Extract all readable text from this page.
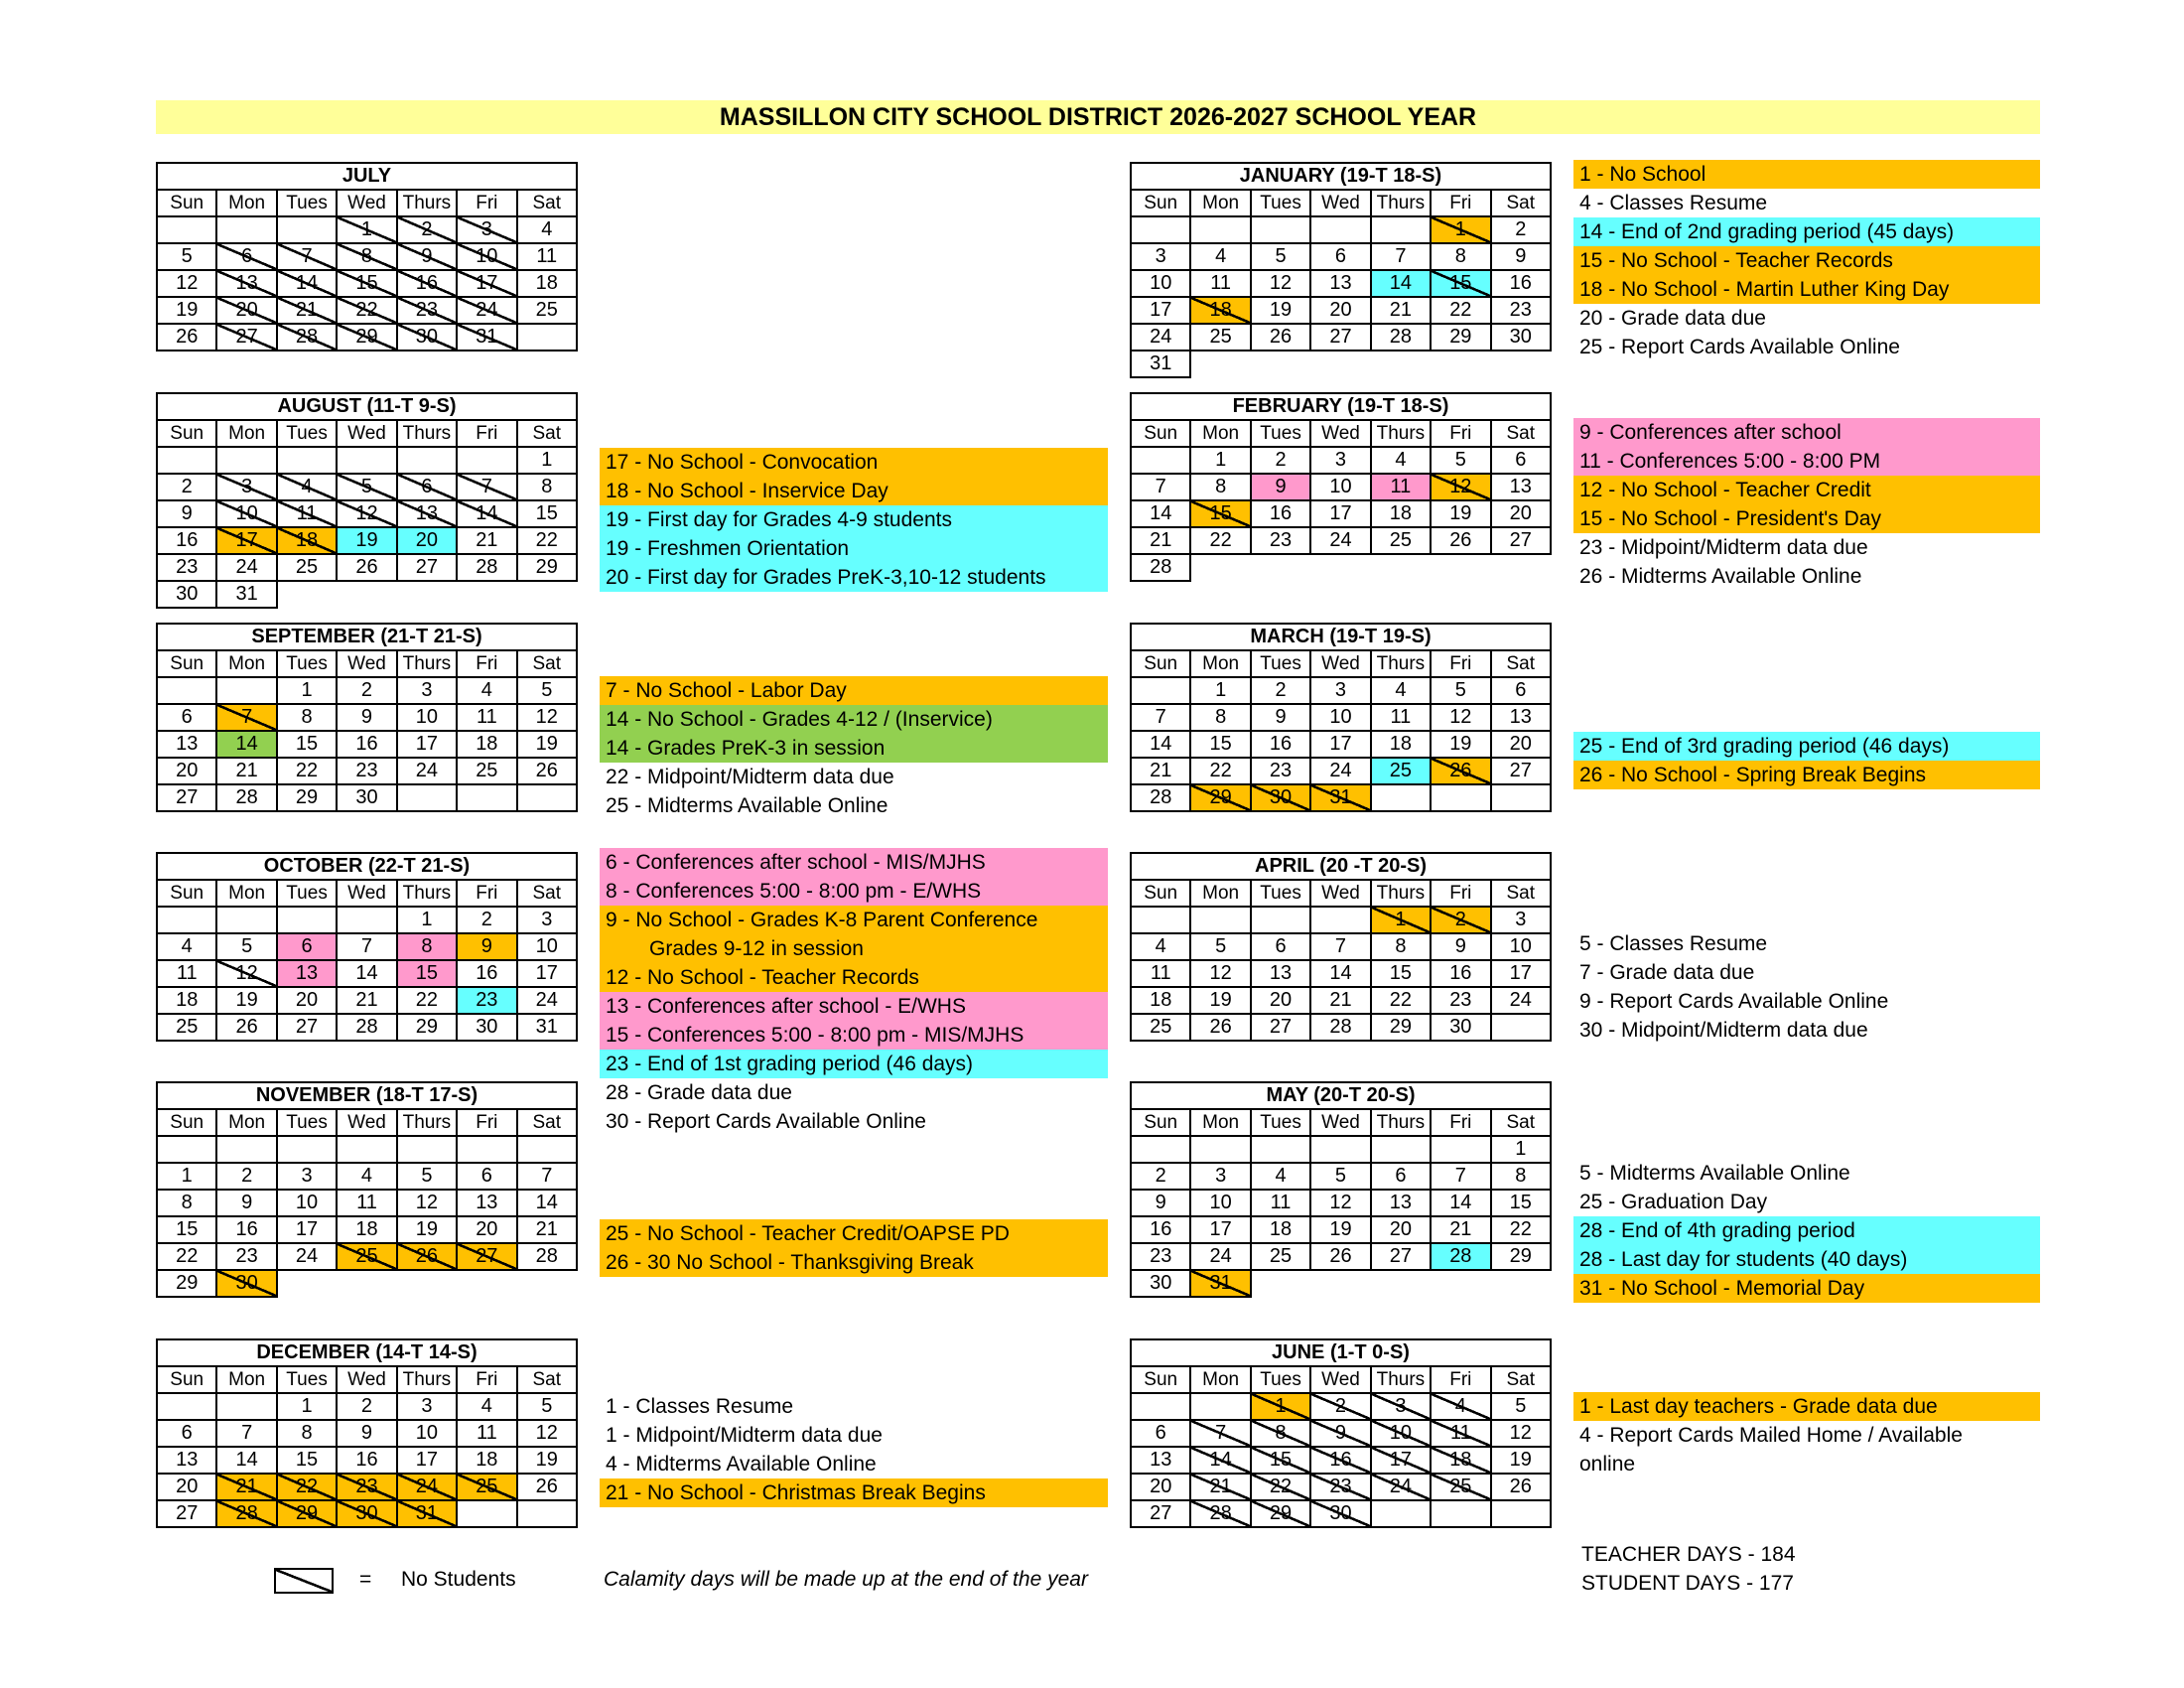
MASSILLON CITY SCHOOL DISTRICT 2026-2027 SCHOOL YEAR
JULY						
Sun	Mon	Tues	Wed	Thurs	Fri	Sat
			1	2	3	4
5	6	7	8	9	10	11
12	13	14	15	16	17	18
19	20	21	22	23	24	25
26	27	28	29	30	31	
AUGUST (11-T 9-S)						
Sun	Mon	Tues	Wed	Thurs	Fri	Sat
						1
2	3	4	5	6	7	8
9	10	11	12	13	14	15
16	17	18	19	20	21	22
23	24	25	26	27	28	29
30	31					
SEPTEMBER (21-T 21-S)						
Sun	Mon	Tues	Wed	Thurs	Fri	Sat
		1	2	3	4	5
6	7	8	9	10	11	12
13	14	15	16	17	18	19
20	21	22	23	24	25	26
27	28	29	30			
OCTOBER (22-T 21-S)						
Sun	Mon	Tues	Wed	Thurs	Fri	Sat
				1	2	3
4	5	6	7	8	9	10
11	12	13	14	15	16	17
18	19	20	21	22	23	24
25	26	27	28	29	30	31
NOVEMBER (18-T 17-S)						
Sun	Mon	Tues	Wed	Thurs	Fri	Sat

1	2	3	4	5	6	7
8	9	10	11	12	13	14
15	16	17	18	19	20	21
22	23	24	25	26	27	28
29	30					
DECEMBER (14-T 14-S)						
Sun	Mon	Tues	Wed	Thurs	Fri	Sat
		1	2	3	4	5
6	7	8	9	10	11	12
13	14	15	16	17	18	19
20	21	22	23	24	25	26
27	28	29	30	31		
JANUARY (19-T 18-S)						
Sun	Mon	Tues	Wed	Thurs	Fri	Sat
					1	2
3	4	5	6	7	8	9
10	11	12	13	14	15	16
17	18	19	20	21	22	23
24	25	26	27	28	29	30
31						
FEBRUARY (19-T 18-S)						
Sun	Mon	Tues	Wed	Thurs	Fri	Sat
	1	2	3	4	5	6
7	8	9	10	11	12	13
14	15	16	17	18	19	20
21	22	23	24	25	26	27
28						
MARCH (19-T 19-S)						
Sun	Mon	Tues	Wed	Thurs	Fri	Sat
	1	2	3	4	5	6
7	8	9	10	11	12	13
14	15	16	17	18	19	20
21	22	23	24	25	26	27
28	29	30	31			
APRIL (20 -T 20-S)						
Sun	Mon	Tues	Wed	Thurs	Fri	Sat
				1	2	3
4	5	6	7	8	9	10
11	12	13	14	15	16	17
18	19	20	21	22	23	24
25	26	27	28	29	30	
MAY (20-T 20-S)						
Sun	Mon	Tues	Wed	Thurs	Fri	Sat
						1
2	3	4	5	6	7	8
9	10	11	12	13	14	15
16	17	18	19	20	21	22
23	24	25	26	27	28	29
30	31					
JUNE (1-T 0-S)						
Sun	Mon	Tues	Wed	Thurs	Fri	Sat
		1	2	3	4	5
6	7	8	9	10	11	12
13	14	15	16	17	18	19
20	21	22	23	24	25	26
27	28	29	30			
17 - No School - Convocation
18 - No School - Inservice Day
19 - First day for Grades 4-9 students
19 - Freshmen Orientation
20 - First day for Grades PreK-3,10-12 students
7 - No School - Labor Day
14 - No School - Grades 4-12 / (Inservice)
14 - Grades PreK-3 in session
22 - Midpoint/Midterm data due
25 - Midterms Available Online
6 - Conferences after school - MIS/MJHS
8 - Conferences 5:00 - 8:00 pm - E/WHS
9 - No School - Grades K-8 Parent Conference
Grades 9-12 in session
12 - No School - Teacher Records
13 - Conferences after school - E/WHS
15 - Conferences 5:00 - 8:00 pm - MIS/MJHS
23 - End of 1st grading period (46 days)
28 - Grade data due
30 - Report Cards Available Online
25 - No School - Teacher Credit/OAPSE PD
26 - 30 No School - Thanksgiving Break
1 - Classes Resume
1 - Midpoint/Midterm data due
4 - Midterms Available Online
21 - No School - Christmas Break Begins
1 - No School
4 - Classes Resume
14 - End of 2nd grading period (45 days)
15 - No School - Teacher Records
18 - No School - Martin Luther King Day
20 - Grade data due
25 - Report Cards Available Online
9 - Conferences after school
11 - Conferences 5:00 - 8:00 PM
12 - No School - Teacher Credit
15 - No School - President's Day
23 - Midpoint/Midterm data due
26 - Midterms Available Online
25 - End of 3rd grading period (46 days)
26 - No School - Spring Break Begins
5 - Classes Resume
7 - Grade data due
9 - Report Cards Available Online
30 - Midpoint/Midterm data due
5 - Midterms Available Online
25 - Graduation Day
28 - End of 4th grading period
28 - Last day for students (40 days)
31 - No School - Memorial Day
1 - Last day teachers - Grade data due
4 - Report Cards Mailed Home / Available
online
= No Students	Calamity days will be made up at the end of the year
TEACHER DAYS - 184
STUDENT DAYS - 177
